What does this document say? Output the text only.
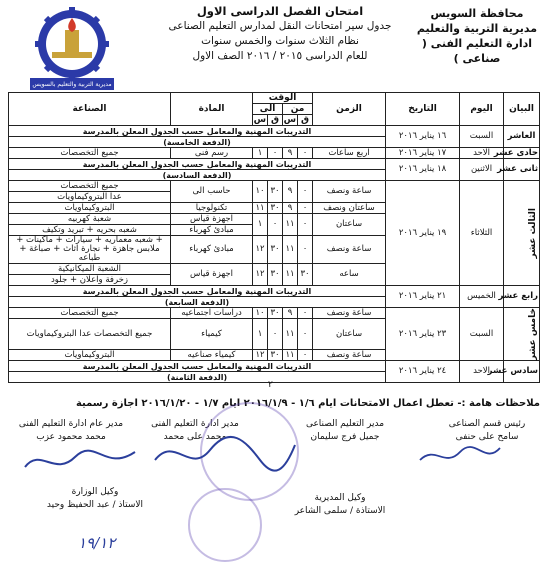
محافظة السويس
مديرية التربية والتعليم
ادارة التعليم الفنى ( صناعى )
امتحان الفصل الدراسى الاول
جدول سير امتحانات النقل لمدارس التعليم الصناعى
نظام الثلاث سنوات والخمس سنوات
للعام الدراسى ٢٠١٥ / ٢٠١٦ الصف الاول
مديرية التربية والتعليم بالسويس
البيان	اليوم	التاريخ	الزمن	الوقت				المادة	الصناعة
				من		الى			
				ق	س	ق	س		
العاشر	السبت	١٦ يناير ٢٠١٦	التدريبات المهنية والمعامل حسب الجدول المعلن بالمدرسة						
			(الدفعة الخامسة)						
حادى عشر	الاحد	١٧ يناير ٢٠١٦	اربع ساعات	٠	٩	٠	١	رسم فنى	جميع التخصصات
ثانى عشر	الاثنين	١٨ يناير ٢٠١٦	التدريبات المهنية والمعامل حسب الجدول المعلن بالمدرسة						
			(الدفعة السادسة)						

الثالث عشر	الثلاثاء	١٩ يناير ٢٠١٦	ساعة ونصف	٠	٩	٣٠	١٠	حاسب الى	جميع التخصصات
									عدا البتروكيماويات
			ساعتان ونصف	٠	٩	٣٠	١١	تكنولوجيا	البتروكيماويات
			ساعتان	٠	١١	٠	١	اجهزة قياس	شعبة كهربيه
								مبادئ كهرباء	شعبه بحريه + تبريد وتكيف
			ساعة ونصف	٠	١١	٣٠	١٢	مبادئ كهرباء	+ شعبه معماريه + سيارات + ماكينات + ملابس جاهزة + نجارة اثاث + صباغة + طباعه

			ساعه	٣٠	١١	٣٠	١٢	اجهزة قياس	الشعبة الميكانيكية
									زخرفة واعلان + جلود
رابع عشر	الخميس	٢١ يناير ٢٠١٦	التدريبات المهنية والمعامل حسب الجدول المعلن بالمدرسة						
			(الدفعة السابعة)						

خامس عشر	السبت	٢٣ يناير ٢٠١٦	ساعة ونصف	٠	٩	٣٠	١٠	دراسات اجتماعيه	جميع التخصصات
			ساعتان	٠	١١	٠	١	كيمياء	جميع التخصصات عدا البتروكيماويات

			ساعة ونصف	٠	١١	٣٠	١٢	كيمياء صناعيه	البتروكيماويات
سادس عشر	الاحد	٢٤ يناير ٢٠١٦	التدريبات المهنية والمعامل حسب الجدول المعلن بالمدرسة						
			(الدفعة الثامنة)						
٢
ملاحظات هامة :- تعطل اعمال الامتحانات ايام ١/٦ - ٢٠١٦/١/٩ ايام ١/٧ - ٢٠١٦/١/٢٠ اجازة رسمية
رئيس قسم الصناعى
سامح على حنفى
مدير التعليم الصناعى
جميل فرج سليمان
مدير ادارة التعليم الفنى
محمد على محمد
مدير عام ادارة التعليم الفنى
محمد محمود عزب
وكيل المديرية
الاستاذة / سلمى الشاعر
وكيل الوزارة
الاستاذ / عبد الحفيظ وحيد
١٩/١٢
